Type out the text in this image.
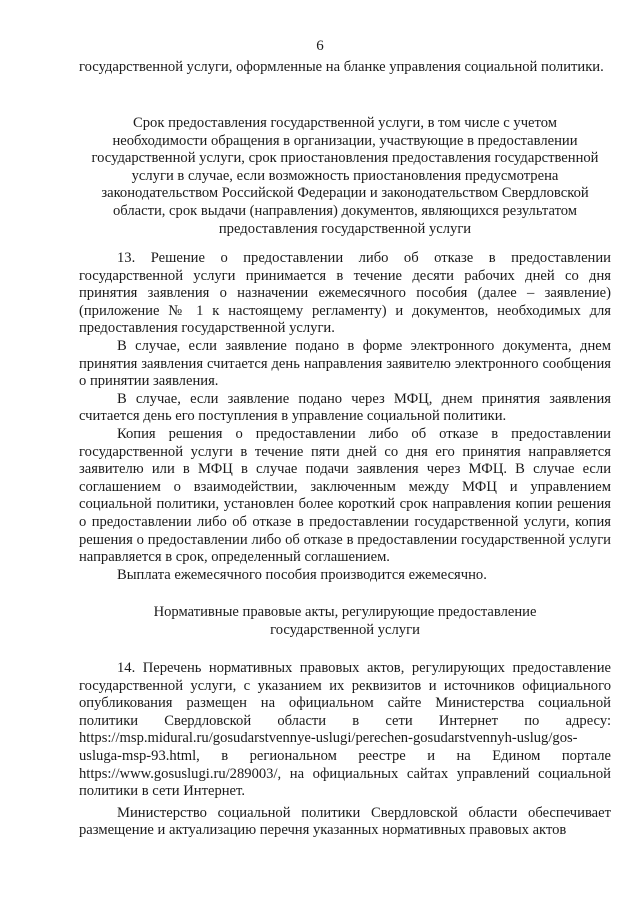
6

государственной услуги, оформленные на бланке управления социальной политики.

Срок предоставления государственной услуги, в том числе с учетом необходимости обращения в организации, участвующие в предоставлении государственной услуги, срок приостановления предоставления государственной услуги в случае, если возможность приостановления предусмотрена законодательством Российской Федерации и законодательством Свердловской области, срок выдачи (направления) документов, являющихся результатом предоставления государственной услуги

13. Решение о предоставлении либо об отказе в предоставлении государственной услуги принимается в течение десяти рабочих дней со дня принятия заявления о назначении ежемесячного пособия (далее – заявление) (приложение № 1 к настоящему регламенту) и документов, необходимых для предоставления государственной услуги.

В случае, если заявление подано в форме электронного документа, днем принятия заявления считается день направления заявителю электронного сообщения о принятии заявления.

В случае, если заявление подано через МФЦ, днем принятия заявления считается день его поступления в управление социальной политики.

Копия решения о предоставлении либо об отказе в предоставлении государственной услуги в течение пяти дней со дня его принятия направляется заявителю или в МФЦ в случае подачи заявления через МФЦ. В случае если соглашением о взаимодействии, заключенным между МФЦ и управлением социальной политики, установлен более короткий срок направления копии решения о предоставлении либо об отказе в предоставлении государственной услуги, копия решения о предоставлении либо об отказе в предоставлении государственной услуги направляется в срок, определенный соглашением.

Выплата ежемесячного пособия производится ежемесячно.

Нормативные правовые акты, регулирующие предоставление государственной услуги

14. Перечень нормативных правовых актов, регулирующих предоставление государственной услуги, с указанием их реквизитов и источников официального опубликования размещен на официальном сайте Министерства социальной политики Свердловской области в сети Интернет по адресу: https://msp.midural.ru/gosudarstvennye-uslugi/perechen-gosudarstvennyh-uslug/gos-usluga-msp-93.html, в региональном реестре и на Едином портале https://www.gosuslugi.ru/289003/, на официальных сайтах управлений социальной политики в сети Интернет.

Министерство социальной политики Свердловской области обеспечивает размещение и актуализацию перечня указанных нормативных правовых актов
